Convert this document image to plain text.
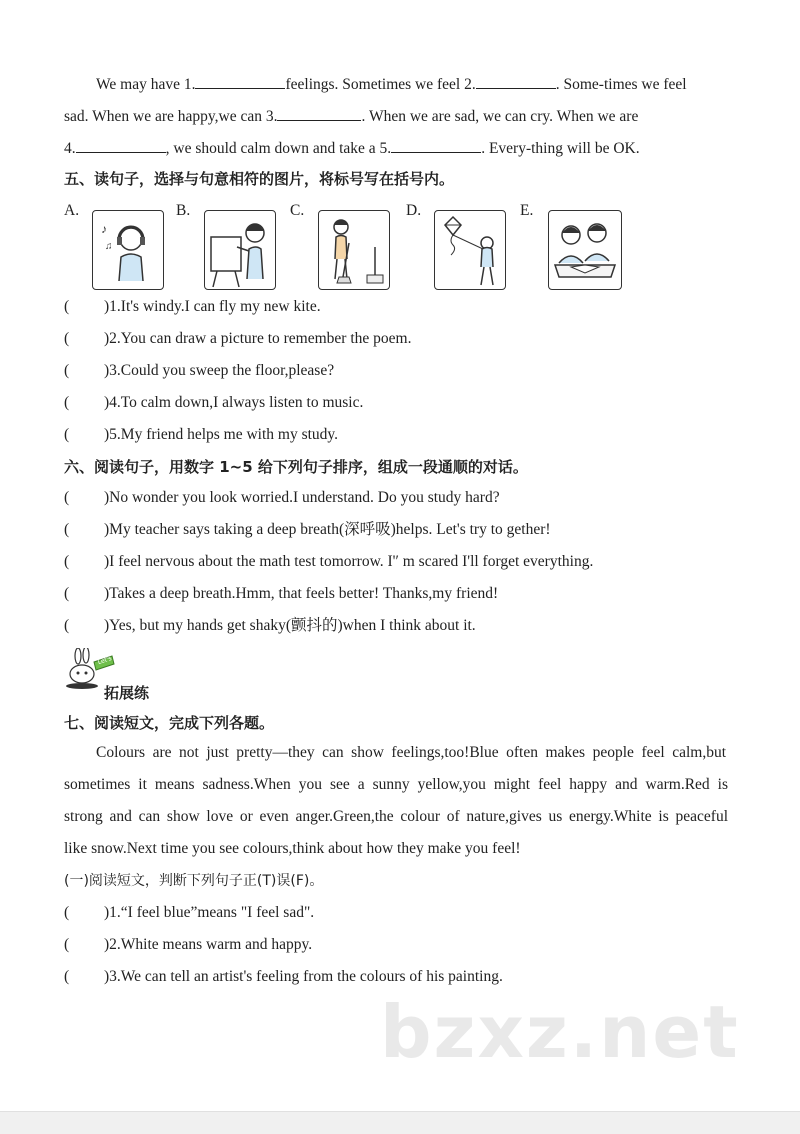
We may have 1.	feelings. Sometimes we feel 2.	. Some-times we feel
sad. When we are happy,we can 3.	. When we are sad, we can cry. When we are
4.	, we should calm down and take a 5.	. Every-thing will be OK.
五、读句子，选择与句意相符的图片，将标号写在括号内。
A.
♪
♫
B.	C.	D.	E.
( )1.It's windy.I can fly my new kite.
( )2.You can draw a picture to remember the poem.
( )3.Could you sweep the floor,please?
( )4.To calm down,I always listen to music.
( )5.My friend helps me with my study.
六、阅读句子，用数字 1~5 给下列句子排序，组成一段通顺的对话。
( )No wonder you look worried.I understand. Do you study hard?
( )My teacher says taking a deep breath(深呼吸)helps. Let's try to gether!
( )I feel nervous about the math test tomorrow. I'′ m scared I'll forget everything.
( )Takes a deep breath.Hmm, that feels better! Thanks,my friend!
( )Yes, but my hands get shaky(颤抖的)when I think about it.
Let's
拓展练
七、阅读短文，完成下列各题。
Colours are not just pretty—they can show feelings,too!Blue often makes people feel calm,but
sometimes it means sadness.When you see a sunny yellow,you might feel happy and warm.Red is
strong and can show love or even anger.Green,the colour of nature,gives us energy.White is peaceful
like snow.Next time you see colours,think about how they make you feel!
(一)阅读短文，判断下列句子正(T)误(F)。
( )1.“I feel blue”means "I feel sad".
( )2.White means warm and happy.
( )3.We can tell an artist's feeling from the colours of his painting.
bzxz.net
